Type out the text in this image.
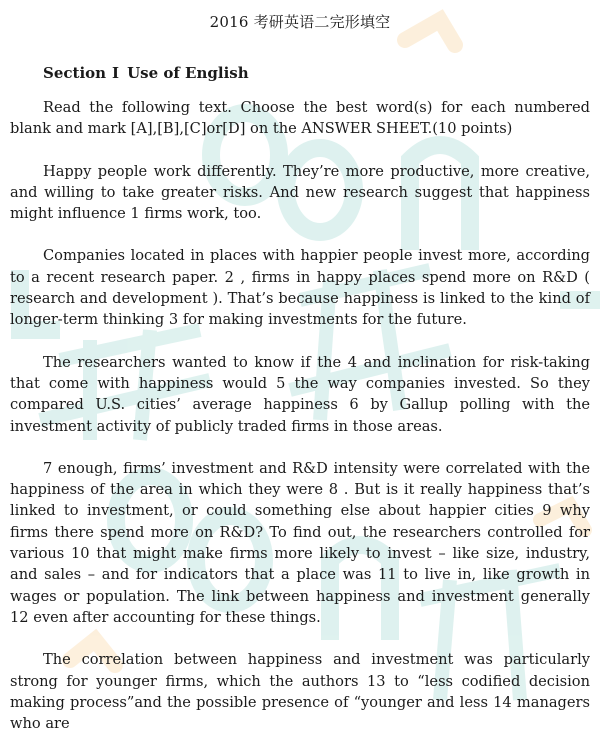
2016 考研英语二完形填空
Section Ⅰ Use of English

Read the following text. Choose the best word(s) for each numbered blank and mark [A],[B],[C]or[D] on the ANSWER SHEET.(10 points)

Happy people work differently. They’re more productive, more creative, and willing to take greater risks. And new research suggest that happiness might influence 1 firms work, too.

Companies located in places with happier people invest more, according to a recent research paper. 2 , firms in happy places spend more on R&D ( research and development ). That’s because happiness is linked to the kind of longer-term thinking 3 for making investments for the future.

The researchers wanted to know if the 4 and inclination for risk-taking that come with happiness would 5 the way companies invested. So they compared U.S. cities’ average happiness 6 by Gallup polling with the investment activity of publicly traded firms in those areas.

7 enough, firms’ investment and R&D intensity were correlated with the happiness of the area in which they were 8 . But is it really happiness that’s linked to investment, or could something else about happier cities 9 why firms there spend more on R&D? To find out, the researchers controlled for various 10 that might make firms more likely to invest – like size, industry, and sales – and for indicators that a place was 11 to live in, like growth in wages or population. The link between happiness and investment generally 12 even after accounting for these things.

The correlation between happiness and investment was particularly strong for younger firms, which the authors 13 to “less codified decision making process”and the possible presence of “younger and less 14 managers who are
